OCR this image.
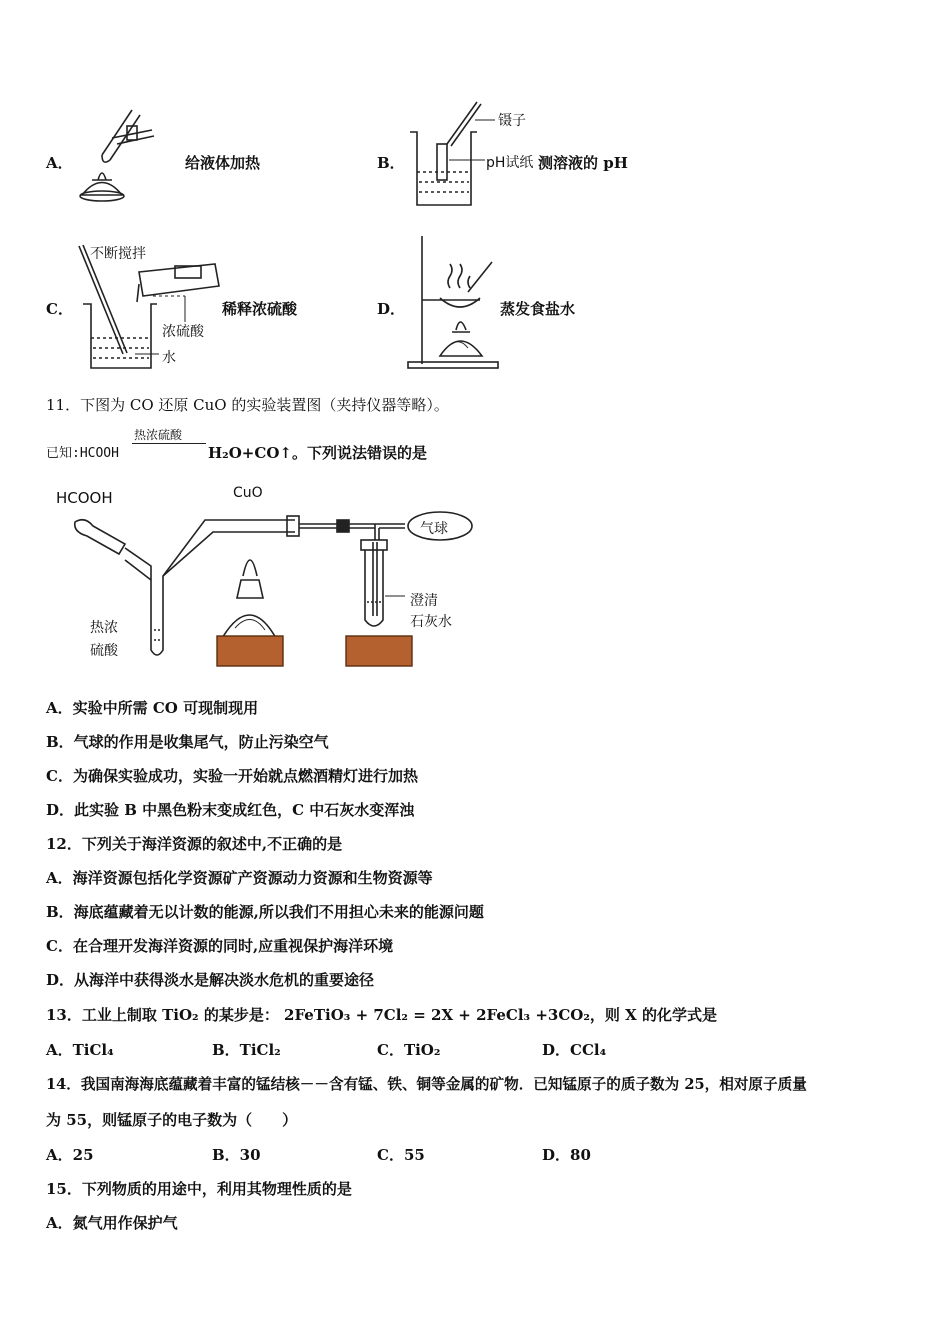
A．	给液体加热	B．
镊子
pH试纸 测溶液的 pH
C．
不断搅拌
浓硫酸
水
稀释浓硫酸	D．	蒸发食盐水
11．下图为 CO 还原 CuO 的实验装置图（夹持仪器等略）。
已知:HCOOH
热浓硫酸
H₂O+CO↑。下列说法错误的是
HCOOH	CuO
气球
热浓
硫酸
澄清
石灰水
A．实验中所需 CO 可现制现用
B．气球的作用是收集尾气，防止污染空气
C．为确保实验成功，实验一开始就点燃酒精灯进行加热
D．此实验 B 中黑色粉末变成红色，C 中石灰水变浑浊
12．下列关于海洋资源的叙述中,不正确的是
A．海洋资源包括化学资源矿产资源动力资源和生物资源等
B．海底蕴藏着无以计数的能源,所以我们不用担心未来的能源问题
C．在合理开发海洋资源的同时,应重视保护海洋环境
D．从海洋中获得淡水是解决淡水危机的重要途径
13．工业上制取 TiO₂ 的某步是： 2FeTiO₃ + 7Cl₂ = 2X + 2FeCl₃ +3CO₂，则 X 的化学式是
A．TiCl₄	B．TiCl₂	C．TiO₂	D．CCl₄
14．我国南海海底蕴藏着丰富的锰结核－－含有锰、铁、铜等金属的矿物．已知锰原子的质子数为 25，相对原子质量
为 55，则锰原子的电子数为（　　）
A．25	B．30	C．55	D．80
15．下列物质的用途中，利用其物理性质的是
A．氮气用作保护气
